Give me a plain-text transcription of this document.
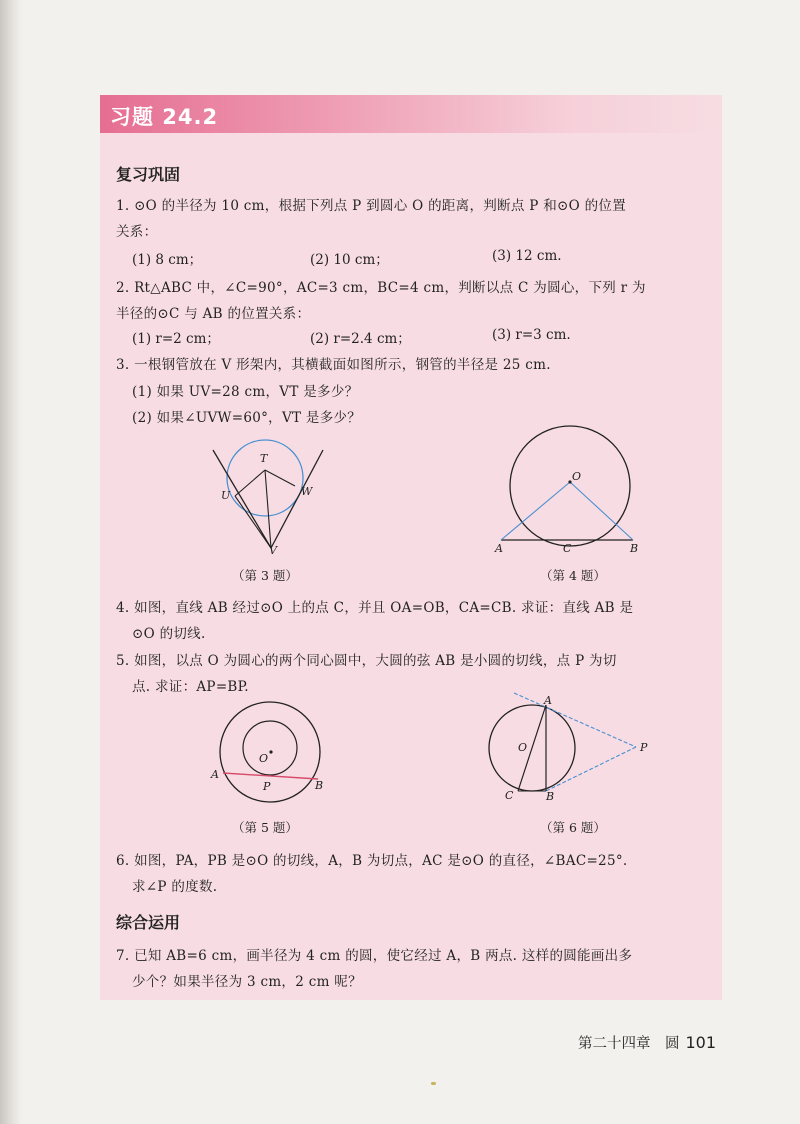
习题 24.2
复习巩固
1. ⊙O 的半径为 10 cm，根据下列点 P 到圆心 O 的距离，判断点 P 和⊙O 的位置
关系：
(1) 8 cm；	(2) 10 cm；	(3) 12 cm.
2. Rt△ABC 中，∠C=90°，AC=3 cm，BC=4 cm，判断以点 C 为圆心，下列 r 为
半径的⊙C 与 AB 的位置关系：
(1) r=2 cm；	(2) r=2.4 cm；	(3) r=3 cm.
3. 一根钢管放在 V 形架内，其横截面如图所示，钢管的半径是 25 cm.
(1) 如果 UV=28 cm，VT 是多少？
(2) 如果∠UVW=60°，VT 是多少？
T
U	W
V
（第 3 题）
O
A	C	B
（第 4 题）
4. 如图，直线 AB 经过⊙O 上的点 C，并且 OA=OB，CA=CB. 求证：直线 AB 是
⊙O 的切线.
5. 如图，以点 O 为圆心的两个同心圆中，大圆的弦 AB 是小圆的切线，点 P 为切
点. 求证：AP=BP.
O
A
P	B
（第 5 题）
A
O	P
C	B
（第 6 题）
6. 如图，PA，PB 是⊙O 的切线，A，B 为切点，AC 是⊙O 的直径，∠BAC=25°.
求∠P 的度数.
综合运用
7. 已知 AB=6 cm，画半径为 4 cm 的圆，使它经过 A，B 两点. 这样的圆能画出多
少个？如果半径为 3 cm，2 cm 呢？
第二十四章　圆 101
